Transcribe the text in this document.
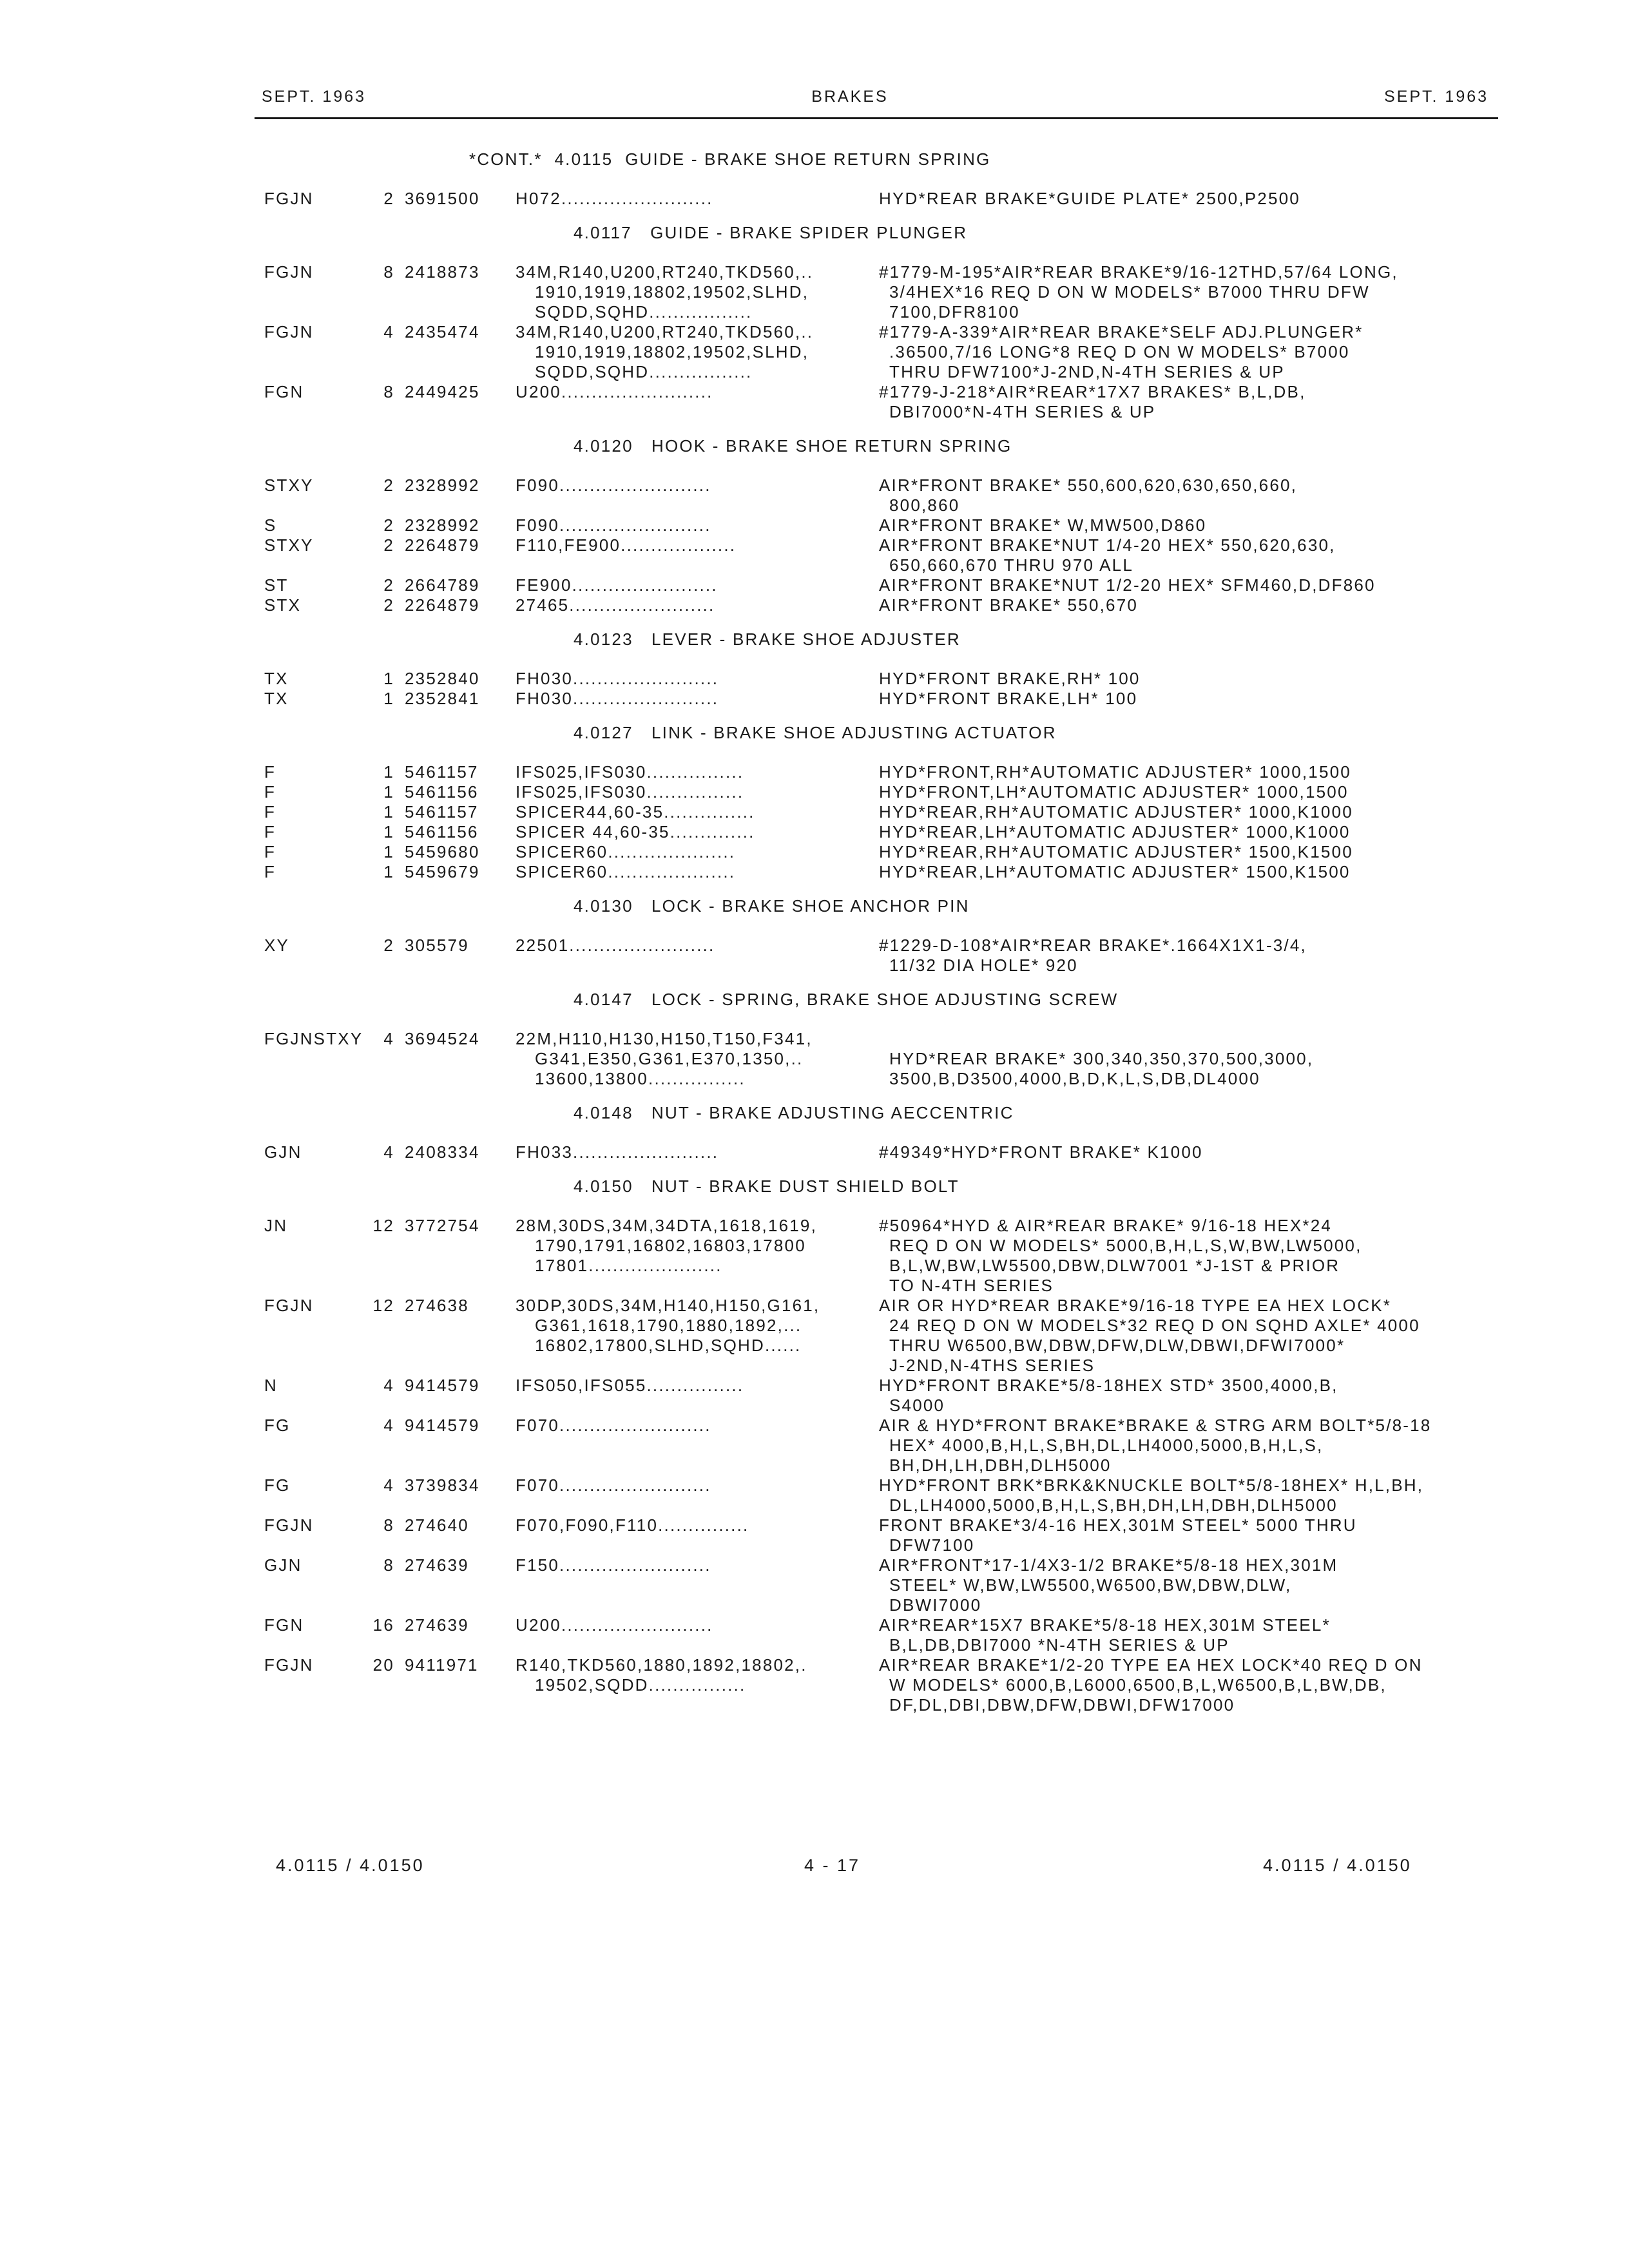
SEPT. 1963	BRAKES	SEPT. 1963
*CONT.*  4.0115  GUIDE - BRAKE SHOE RETURN SPRING
FGJN	2 3691500 H072.........................	HYD*REAR BRAKE*GUIDE PLATE* 2500,P2500
4.0117   GUIDE - BRAKE SPIDER PLUNGER
FGJN	8 2418873 34M,R140,U200,RT240,TKD560,..	#1779-M-195*AIR*REAR BRAKE*9/16-12THD,57/64 LONG,
1910,1919,18802,19502,SLHD,	3/4HEX*16 REQ D ON W MODELS* B7000 THRU DFW
SQDD,SQHD.................	7100,DFR8100
FGJN	4 2435474 34M,R140,U200,RT240,TKD560,..	#1779-A-339*AIR*REAR BRAKE*SELF ADJ.PLUNGER*
1910,1919,18802,19502,SLHD,	.36500,7/16 LONG*8 REQ D ON W MODELS* B7000
SQDD,SQHD.................	THRU DFW7100*J-2ND,N-4TH SERIES & UP
FGN	8 2449425 U200.........................	#1779-J-218*AIR*REAR*17X7 BRAKES* B,L,DB,
DBI7000*N-4TH SERIES & UP
4.0120   HOOK - BRAKE SHOE RETURN SPRING
STXY	2 2328992 F090.........................	AIR*FRONT BRAKE* 550,600,620,630,650,660,
800,860
S	2 2328992 F090.........................	AIR*FRONT BRAKE* W,MW500,D860
STXY	2 2264879 F110,FE900...................	AIR*FRONT BRAKE*NUT 1/4-20 HEX* 550,620,630,
650,660,670 THRU 970 ALL
ST	2 2664789 FE900........................	AIR*FRONT BRAKE*NUT 1/2-20 HEX* SFM460,D,DF860
STX	2 2264879 27465........................	AIR*FRONT BRAKE* 550,670
4.0123   LEVER - BRAKE SHOE ADJUSTER
TX	1 2352840 FH030........................	HYD*FRONT BRAKE,RH* 100
TX	1 2352841 FH030........................	HYD*FRONT BRAKE,LH* 100
4.0127   LINK - BRAKE SHOE ADJUSTING ACTUATOR
F	1 5461157 IFS025,IFS030................	HYD*FRONT,RH*AUTOMATIC ADJUSTER* 1000,1500
F	1 5461156 IFS025,IFS030................	HYD*FRONT,LH*AUTOMATIC ADJUSTER* 1000,1500
F	1 5461157 SPICER44,60-35...............	HYD*REAR,RH*AUTOMATIC ADJUSTER* 1000,K1000
F	1 5461156 SPICER 44,60-35..............	HYD*REAR,LH*AUTOMATIC ADJUSTER* 1000,K1000
F	1 5459680 SPICER60.....................	HYD*REAR,RH*AUTOMATIC ADJUSTER* 1500,K1500
F	1 5459679 SPICER60.....................	HYD*REAR,LH*AUTOMATIC ADJUSTER* 1500,K1500
4.0130   LOCK - BRAKE SHOE ANCHOR PIN
XY	2 305579	22501........................	#1229-D-108*AIR*REAR BRAKE*.1664X1X1-3/4,
11/32 DIA HOLE* 920
4.0147   LOCK - SPRING, BRAKE SHOE ADJUSTING SCREW
FGJNSTXY 4 3694524 22M,H110,H130,H150,T150,F341,
G341,E350,G361,E370,1350,..	HYD*REAR BRAKE* 300,340,350,370,500,3000,
13600,13800................	3500,B,D3500,4000,B,D,K,L,S,DB,DL4000
4.0148   NUT - BRAKE ADJUSTING AECCENTRIC
GJN	4 2408334 FH033........................	#49349*HYD*FRONT BRAKE* K1000
4.0150   NUT - BRAKE DUST SHIELD BOLT
JN	12 3772754 28M,30DS,34M,34DTA,1618,1619,	#50964*HYD & AIR*REAR BRAKE* 9/16-18 HEX*24
1790,1791,16802,16803,17800	REQ D ON W MODELS* 5000,B,H,L,S,W,BW,LW5000,
17801......................	B,L,W,BW,LW5500,DBW,DLW7001 *J-1ST & PRIOR
TO N-4TH SERIES
FGJN	12 274638	30DP,30DS,34M,H140,H150,G161,	AIR OR HYD*REAR BRAKE*9/16-18 TYPE EA HEX LOCK*
G361,1618,1790,1880,1892,...	24 REQ D ON W MODELS*32 REQ D ON SQHD AXLE* 4000
16802,17800,SLHD,SQHD......	THRU W6500,BW,DBW,DFW,DLW,DBWI,DFWI7000*
J-2ND,N-4THS SERIES
N	4 9414579 IFS050,IFS055................	HYD*FRONT BRAKE*5/8-18HEX STD* 3500,4000,B,
S4000
FG	4 9414579 F070.........................	AIR & HYD*FRONT BRAKE*BRAKE & STRG ARM BOLT*5/8-18
HEX* 4000,B,H,L,S,BH,DL,LH4000,5000,B,H,L,S,
BH,DH,LH,DBH,DLH5000
FG	4 3739834 F070.........................	HYD*FRONT BRK*BRK&KNUCKLE BOLT*5/8-18HEX* H,L,BH,
DL,LH4000,5000,B,H,L,S,BH,DH,LH,DBH,DLH5000
FGJN	8 274640	F070,F090,F110...............	FRONT BRAKE*3/4-16 HEX,301M STEEL* 5000 THRU
DFW7100
GJN	8 274639	F150.........................	AIR*FRONT*17-1/4X3-1/2 BRAKE*5/8-18 HEX,301M
STEEL* W,BW,LW5500,W6500,BW,DBW,DLW,
DBWI7000
FGN	16 274639	U200.........................	AIR*REAR*15X7 BRAKE*5/8-18 HEX,301M STEEL*
B,L,DB,DBI7000 *N-4TH SERIES & UP
FGJN	20 9411971 R140,TKD560,1880,1892,18802,.	AIR*REAR BRAKE*1/2-20 TYPE EA HEX LOCK*40 REQ D ON
19502,SQDD................	W MODELS* 6000,B,L6000,6500,B,L,W6500,B,L,BW,DB,
DF,DL,DBI,DBW,DFW,DBWI,DFW17000
4.0115 / 4.0150	4 - 17	4.0115 / 4.0150
